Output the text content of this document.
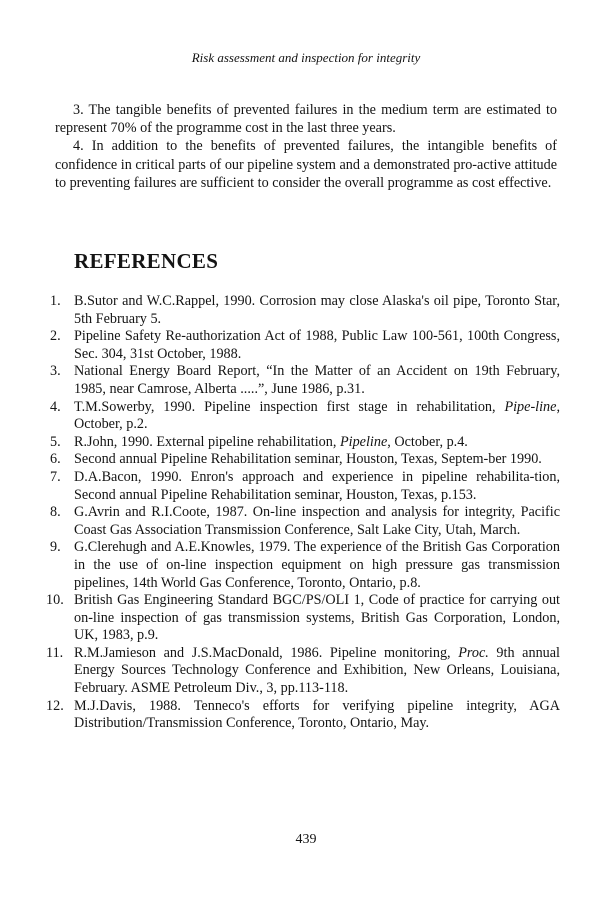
Risk assessment and inspection for integrity

3. The tangible benefits of prevented failures in the medium term are estimated to represent 70% of the programme cost in the last three years.

4. In addition to the benefits of prevented failures, the intangible benefits of confidence in critical parts of our pipeline system and a demonstrated pro-active attitude to preventing failures are sufficient to consider the overall programme as cost effective.

REFERENCES
1. B.Sutor and W.C.Rappel, 1990. Corrosion may close Alaska's oil pipe, Toronto Star, 5th February 5.
2. Pipeline Safety Re-authorization Act of 1988, Public Law 100-561, 100th Congress, Sec. 304, 31st October, 1988.
3. National Energy Board Report, “In the Matter of an Accident on 19th February, 1985, near Camrose, Alberta .....”, June 1986, p.31.
4. T.M.Sowerby, 1990. Pipeline inspection first stage in rehabilitation, Pipe-line, October, p.2.
5. R.John, 1990. External pipeline rehabilitation, Pipeline, October, p.4.
6. Second annual Pipeline Rehabilitation seminar, Houston, Texas, Septem-ber 1990.
7. D.A.Bacon, 1990. Enron's approach and experience in pipeline rehabilita-tion, Second annual Pipeline Rehabilitation seminar, Houston, Texas, p.153.
8. G.Avrin and R.I.Coote, 1987. On-line inspection and analysis for integrity, Pacific Coast Gas Association Transmission Conference, Salt Lake City, Utah, March.
9. G.Clerehugh and A.E.Knowles, 1979. The experience of the British Gas Corporation in the use of on-line inspection equipment on high pressure gas transmission pipelines, 14th World Gas Conference, Toronto, Ontario, p.8.
10. British Gas Engineering Standard BGC/PS/OLI 1, Code of practice for carrying out on-line inspection of gas transmission systems, British Gas Corporation, London, UK, 1983, p.9.
11. R.M.Jamieson and J.S.MacDonald, 1986. Pipeline monitoring, Proc. 9th annual Energy Sources Technology Conference and Exhibition, New Orleans, Louisiana, February. ASME Petroleum Div., 3, pp.113-118.
12. M.J.Davis, 1988. Tenneco's efforts for verifying pipeline integrity, AGA Distribution/Transmission Conference, Toronto, Ontario, May.
439
